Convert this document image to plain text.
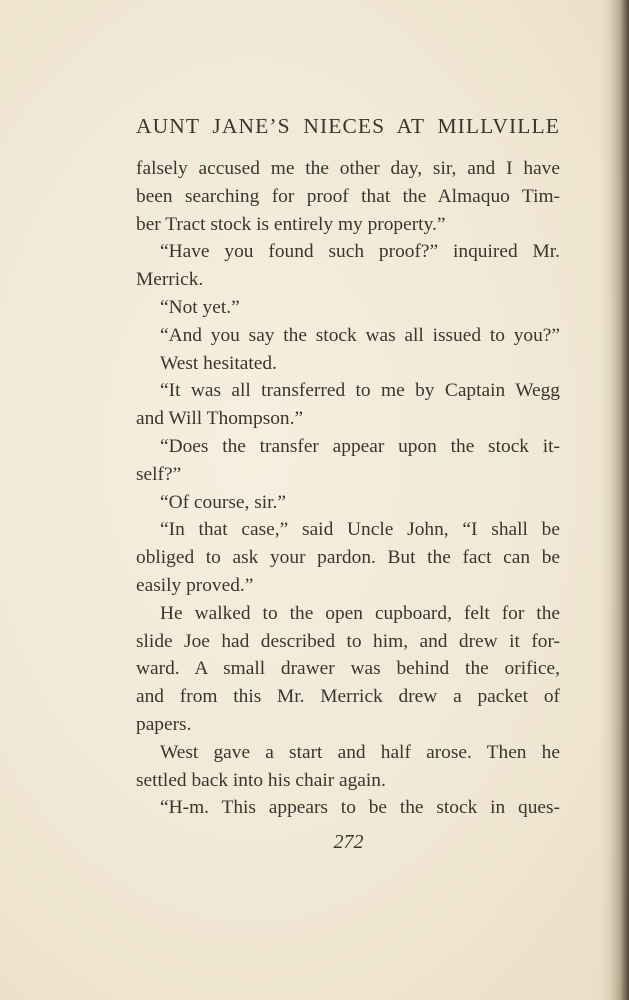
AUNT JANE’S NIECES AT MILLVILLE
falsely accused me the other day, sir, and I have
been searching for proof that the Almaquo Tim-
ber Tract stock is entirely my property.”
“Have you found such proof?” inquired Mr.
Merrick.
“Not yet.”
“And you say the stock was all issued to you?”
West hesitated.
“It was all transferred to me by Captain Wegg
and Will Thompson.”
“Does the transfer appear upon the stock it-
self?”
“Of course, sir.”
“In that case,” said Uncle John, “I shall be
obliged to ask your pardon. But the fact can be
easily proved.”
He walked to the open cupboard, felt for the
slide Joe had described to him, and drew it for-
ward. A small drawer was behind the orifice,
and from this Mr. Merrick drew a packet of
papers.
West gave a start and half arose. Then he
settled back into his chair again.
“H-m. This appears to be the stock in ques-
272
